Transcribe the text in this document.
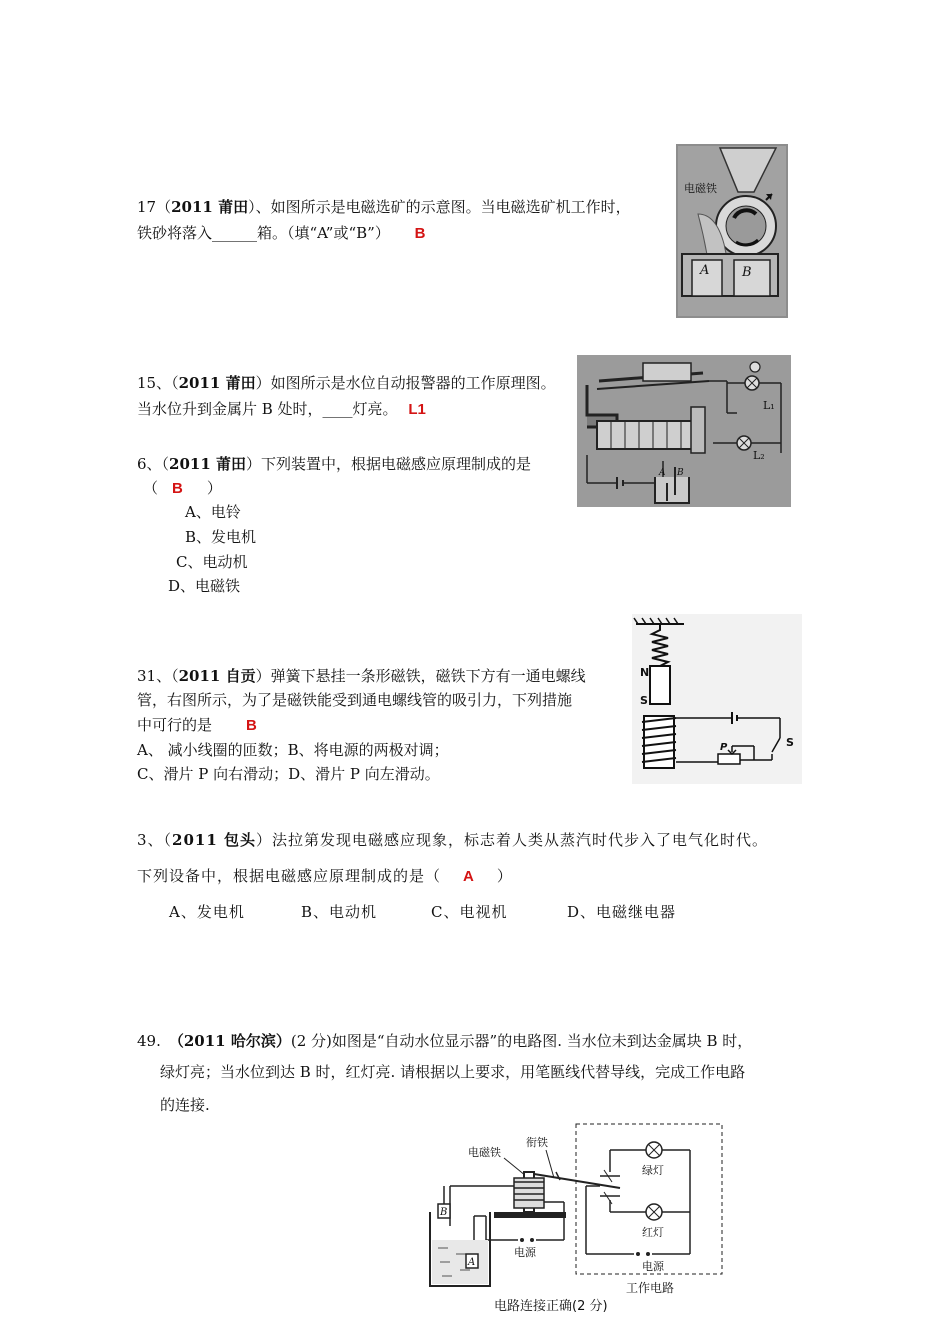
17（2011 莆田）、如图所示是电磁选矿的示意图。当电磁选矿机工作时，
铁砂将落入______箱。（填“A”或“B”） B
电磁铁
A	B
15、（2011 莆田）如图所示是水位自动报警器的工作原理图。
当水位升到金属片 B 处时，____灯亮。 L1	L₁
L₂
A B
6、（2011 莆田）下列装置中，根据电磁感应原理制成的是
（ B ）
A、电铃
B、发电机
C、电动机
D、电磁铁
31、（2011 自贡）弹簧下悬挂一条形磁铁，磁铁下方有一通电螺线
管，右图所示，为了是磁铁能受到通电螺线管的吸引力，下列措施
中可行的是 B
A、 减小线圈的匝数；B、将电源的两极对调；
C、滑片 P 向右滑动；D、滑片 P 向左滑动。
N
S
S
P
3、（2011 包头）法拉第发现电磁感应现象，标志着人类从蒸汽时代步入了电气化时代。
下列设备中，根据电磁感应原理制成的是（ A ）
A、发电机	B、电动机	C、电视机	D、电磁继电器
49. （2011 哈尔滨）(2 分)如图是“自动水位显示器”的电路图. 当水位未到达金属块 B 时，
绿灯亮；当水位到达 B 时，红灯亮. 请根据以上要求，用笔匦线代替导线，完成工作电路
的连接.
工作电路
电磁铁
衔铁
绿灯
红灯
电源
电源
B
A
电路连接正确(2 分)
